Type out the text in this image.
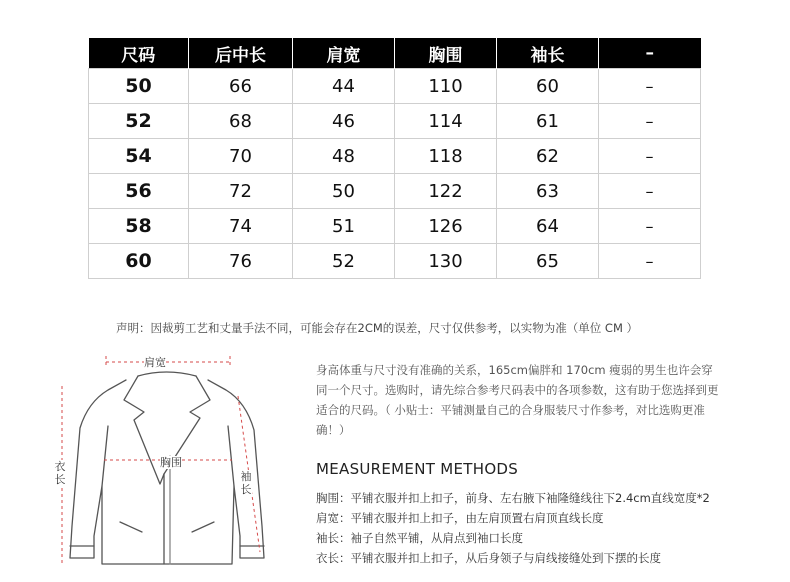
尺码	后中长	肩宽	胸围	袖长	–
50	66	44	110	60	–
52	68	46	114	61	–
54	70	48	118	62	–
56	72	50	122	63	–
58	74	51	126	64	–
60	76	52	130	65	–
声明：因裁剪工艺和丈量手法不同，可能会存在2CM的误差，尺寸仅供参考，以实物为准（单位 CM ）
肩宽
胸围
衣长	袖长
身高体重与尺寸没有准确的关系，165cm偏胖和 170cm 瘦弱的男生也许会穿同一个尺寸。选购时，请先综合参考尺码表中的各项参数，这有助于您选择到更适合的尺码。（ 小贴士：平铺测量自己的合身服装尺寸作参考，对比选购更准确！）
MEASUREMENT METHODS
胸围：平铺衣服并扣上扣子，前身、左右腋下袖隆缝线往下2.4cm直线宽度*2
肩宽：平铺衣服并扣上扣子，由左肩顶置右肩顶直线长度
袖长：袖子自然平铺，从肩点到袖口长度
衣长：平铺衣服并扣上扣子，从后身领子与肩线接缝处到下摆的长度
